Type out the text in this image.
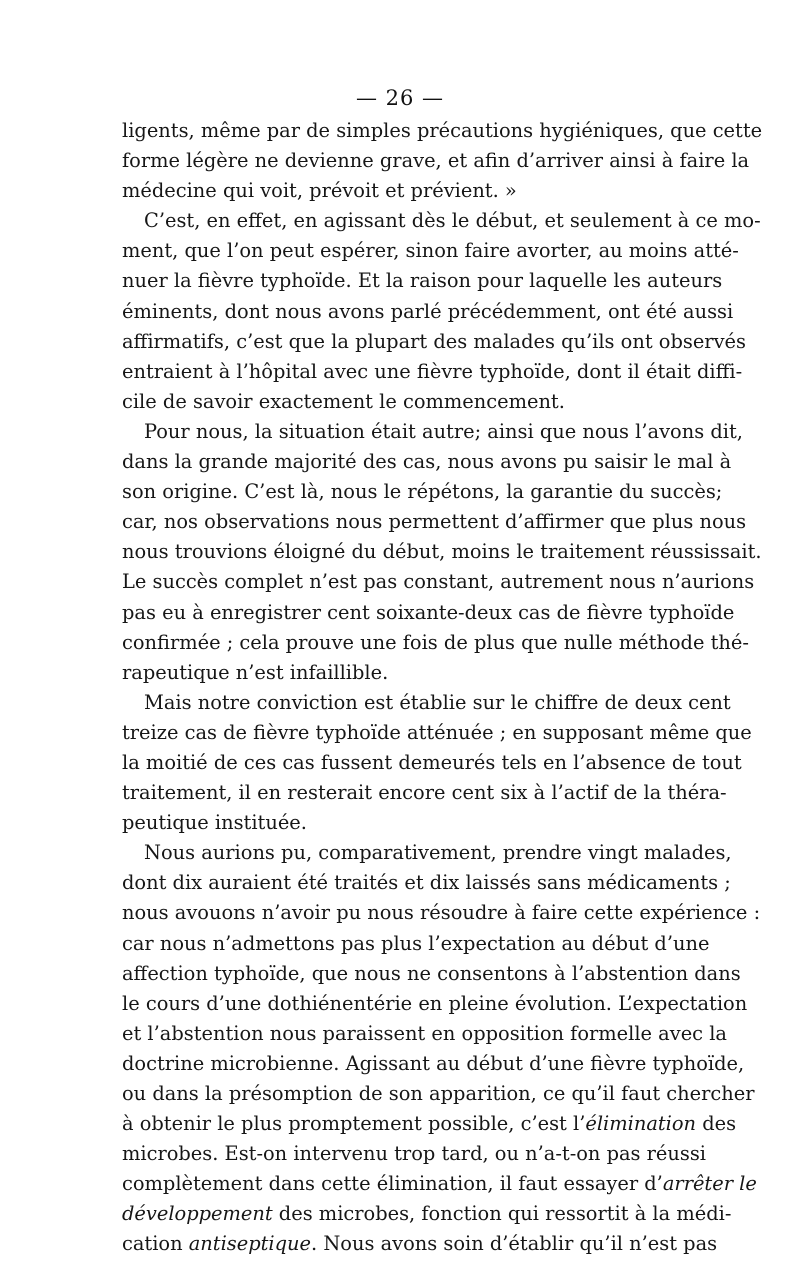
— 26 —
ligents, même par de simples précautions hygiéniques, que cette
forme légère ne devienne grave, et afin d’arriver ainsi à faire la
médecine qui voit, prévoit et prévient. »
C’est, en effet, en agissant dès le début, et seulement à ce mo-
ment, que l’on peut espérer, sinon faire avorter, au moins atté-
nuer la fièvre typhoïde. Et la raison pour laquelle les auteurs
éminents, dont nous avons parlé précédemment, ont été aussi
affirmatifs, c’est que la plupart des malades qu’ils ont observés
entraient à l’hôpital avec une fièvre typhoïde, dont il était diffi-
cile de savoir exactement le commencement.
Pour nous, la situation était autre; ainsi que nous l’avons dit,
dans la grande majorité des cas, nous avons pu saisir le mal à
son origine. C’est là, nous le répétons, la garantie du succès;
car, nos observations nous permettent d’affirmer que plus nous
nous trouvions éloigné du début, moins le traitement réussissait.
Le succès complet n’est pas constant, autrement nous n’aurions
pas eu à enregistrer cent soixante-deux cas de fièvre typhoïde
confirmée ; cela prouve une fois de plus que nulle méthode thé-
rapeutique n’est infaillible.
Mais notre conviction est établie sur le chiffre de deux cent
treize cas de fièvre typhoïde atténuée ; en supposant même que
la moitié de ces cas fussent demeurés tels en l’absence de tout
traitement, il en resterait encore cent six à l’actif de la théra-
peutique instituée.
Nous aurions pu, comparativement, prendre vingt malades,
dont dix auraient été traités et dix laissés sans médicaments ;
nous avouons n’avoir pu nous résoudre à faire cette expérience :
car nous n’admettons pas plus l’expectation au début d’une
affection typhoïde, que nous ne consentons à l’abstention dans
le cours d’une dothiénentérie en pleine évolution. L’expectation
et l’abstention nous paraissent en opposition formelle avec la
doctrine microbienne. Agissant au début d’une fièvre typhoïde,
ou dans la présomption de son apparition, ce qu’il faut chercher
à obtenir le plus promptement possible, c’est l’élimination des
microbes. Est-on intervenu trop tard, ou n’a-t-on pas réussi
complètement dans cette élimination, il faut essayer d’arrêter le
développement des microbes, fonction qui ressortit à la médi-
cation antiseptique. Nous avons soin d’établir qu’il n’est pas
